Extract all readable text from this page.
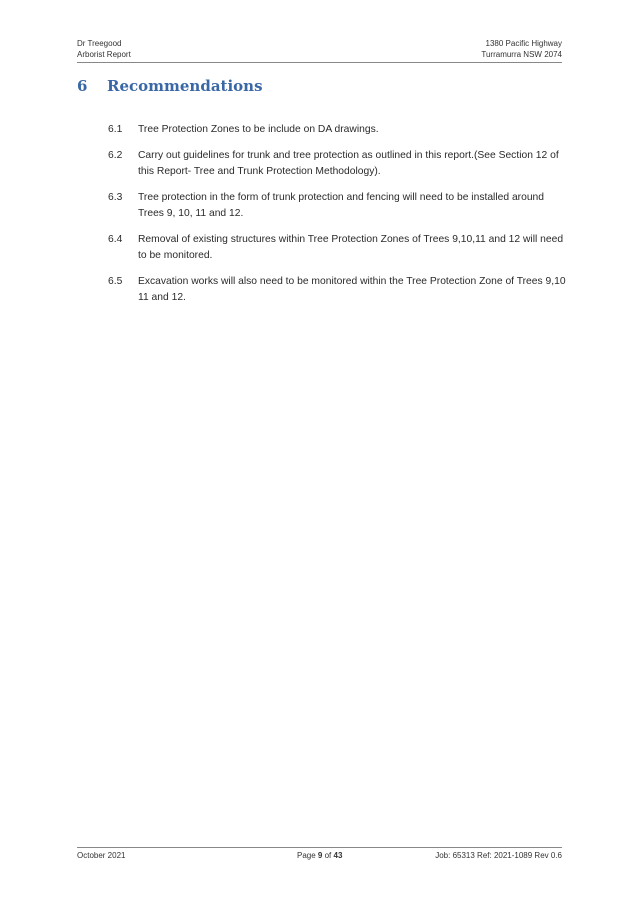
Dr Treegood
Arborist Report
1380 Pacific Highway
Turramurra NSW 2074
6 Recommendations
6.1 Tree Protection Zones to be include on DA drawings.
6.2 Carry out guidelines for trunk and tree protection as outlined in this report.(See Section 12 of this Report- Tree and Trunk Protection Methodology).
6.3 Tree protection in the form of trunk protection and fencing will need to be installed around Trees 9, 10, 11 and 12.
6.4 Removal of existing structures within Tree Protection Zones of Trees 9,10,11 and 12 will need to be monitored.
6.5 Excavation works will also need to be monitored within the Tree Protection Zone of Trees 9,10 11 and 12.
October 2021	Page 9 of 43	Job: 65313 Ref: 2021-1089 Rev 0.6
